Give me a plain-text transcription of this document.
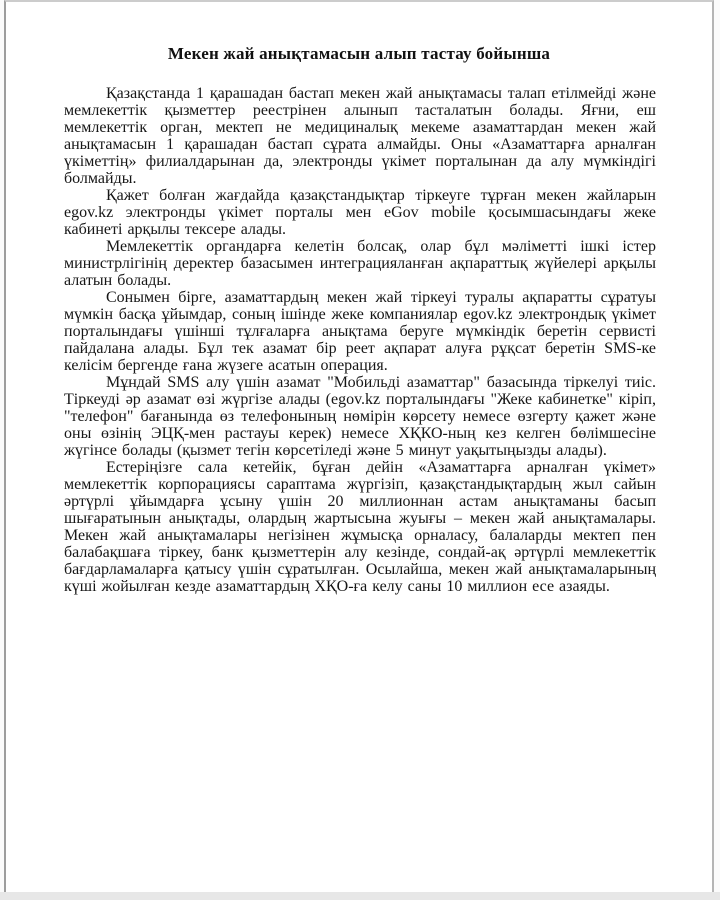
Мекен жай анықтамасын алып тастау бойынша

Қазақстанда 1 қарашадан бастап мекен жай анықтамасы талап етілмейді және мемлекеттік қызметтер реестрінен алынып тасталатын болады. Яғни, еш мемлекеттік орган, мектеп не медициналық мекеме азаматтардан мекен жай анықтамасын 1 қарашадан бастап сұрата алмайды. Оны «Азаматтарға арналған үкіметтің» филиалдарынан да, электронды үкімет порталынан да алу мүмкіндігі болмайды.

Қажет болған жағдайда қазақстандықтар тіркеуге тұрған мекен жайларын egov.kz электронды үкімет порталы мен eGov mobile қосымшасындағы жеке кабинеті арқылы тексере алады.

Мемлекеттік органдарға келетін болсақ, олар бұл мәліметті ішкі істер министрлігінің деректер базасымен интеграцияланған ақпараттық жүйелері арқылы алатын болады.

Сонымен бірге, азаматтардың мекен жай тіркеуі туралы ақпаратты сұратуы мүмкін басқа ұйымдар, соның ішінде жеке компаниялар egov.kz электрондық үкімет порталындағы үшінші тұлғаларға анықтама беруге мүмкіндік беретін сервисті пайдалана алады. Бұл тек азамат бір реет ақпарат алуға рұқсат беретін SMS-ке келісім бергенде ғана жүзеге асатын операция.

Мұндай SMS алу үшін азамат "Мобильді азаматтар" базасында тіркелуі тиіс. Тіркеуді әр азамат өзі жүргізе алады (egov.kz порталындағы "Жеке кабинетке" кіріп, "телефон" бағанында өз телефонының нөмірін көрсету немесе өзгерту қажет және оны өзінің ЭЦҚ-мен растауы керек) немесе ХҚКО-ның кез келген бөлімшесіне жүгінсе болады (қызмет тегін көрсетіледі және 5 минут уақытыңызды алады).

Естеріңізге сала кетейік, бұған дейін «Азаматтарға арналған үкімет» мемлекеттік корпорациясы сараптама жүргізіп, қазақстандықтардың жыл сайын әртүрлі ұйымдарға ұсыну үшін 20 миллионнан астам анықтаманы басып шығаратынын анықтады, олардың жартысына жуығы – мекен жай анықтамалары. Мекен жай анықтамалары негізінен жұмысқа орналасу, балаларды мектеп пен балабақшаға тіркеу, банк қызметтерін алу кезінде, сондай-ақ әртүрлі мемлекеттік бағдарламаларға қатысу үшін сұратылған. Осылайша, мекен жай анықтамаларының күші жойылған кезде азаматтардың ХҚО-ға келу саны 10 миллион есе азаяды.
